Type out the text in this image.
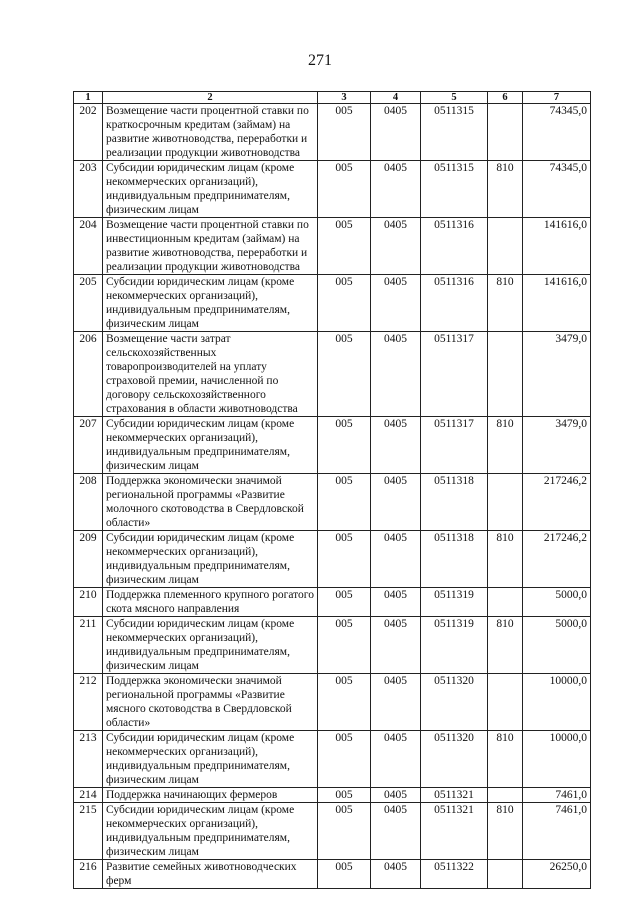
271
1	2	3	4	5	6	7
202	Возмещение части процентной ставки по краткосрочным кредитам (займам) на развитие животноводства, переработки и реализации продукции животноводства	005	0405	0511315		74345,0
203	Субсидии юридическим лицам (кроме некоммерческих организаций), индивидуальным предпринимателям, физическим лицам	005	0405	0511315	810	74345,0
204	Возмещение части процентной ставки по инвестиционным кредитам (займам) на развитие животноводства, переработки и реализации продукции животноводства	005	0405	0511316		141616,0
205	Субсидии юридическим лицам (кроме некоммерческих организаций), индивидуальным предпринимателям, физическим лицам	005	0405	0511316	810	141616,0
206	Возмещение части затрат сельскохозяйственных товаропроизводителей на уплату страховой премии, начисленной по договору сельскохозяйственного страхования в области животноводства	005	0405	0511317		3479,0
207	Субсидии юридическим лицам (кроме некоммерческих организаций), индивидуальным предпринимателям, физическим лицам	005	0405	0511317	810	3479,0
208	Поддержка экономически значимой региональной программы «Развитие молочного скотоводства в Свердловской области»	005	0405	0511318		217246,2
209	Субсидии юридическим лицам (кроме некоммерческих организаций), индивидуальным предпринимателям, физическим лицам	005	0405	0511318	810	217246,2
210	Поддержка племенного крупного рогатого скота мясного направления	005	0405	0511319		5000,0
211	Субсидии юридическим лицам (кроме некоммерческих организаций), индивидуальным предпринимателям, физическим лицам	005	0405	0511319	810	5000,0
212	Поддержка экономически значимой региональной программы «Развитие мясного скотоводства в Свердловской области»	005	0405	0511320		10000,0
213	Субсидии юридическим лицам (кроме некоммерческих организаций), индивидуальным предпринимателям, физическим лицам	005	0405	0511320	810	10000,0
214	Поддержка начинающих фермеров	005	0405	0511321		7461,0
215	Субсидии юридическим лицам (кроме некоммерческих организаций), индивидуальным предпринимателям, физическим лицам	005	0405	0511321	810	7461,0
216	Развитие семейных животноводческих ферм	005	0405	0511322		26250,0
